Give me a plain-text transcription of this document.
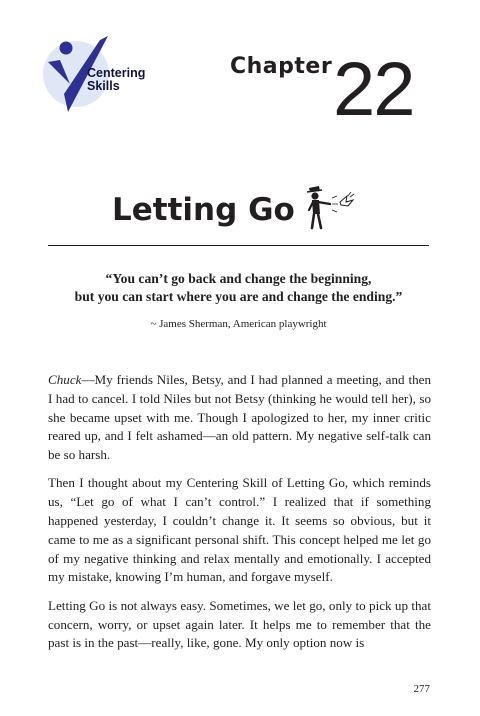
Centering
Skills
Chapter 22
Letting Go
“You can’t go back and change the beginning,
but you can start where you are and change the ending.”
~ James Sherman, American playwright

Chuck—My friends Niles, Betsy, and I had planned a meeting, and then I had to cancel. I told Niles but not Betsy (thinking he would tell her), so she became upset with me. Though I apologized to her, my inner critic reared up, and I felt ashamed—an old pattern. My negative self-talk can be so harsh.

Then I thought about my Centering Skill of Letting Go, which reminds us, “Let go of what I can’t control.” I realized that if something happened yesterday, I couldn’t change it. It seems so obvious, but it came to me as a significant personal shift. This concept helped me let go of my negative thinking and relax mentally and emotionally. I accepted my mistake, knowing I’m human, and forgave myself.

Letting Go is not always easy. Sometimes, we let go, only to pick up that concern, worry, or upset again later. It helps me to remember that the past is in the past—really, like, gone. My only option now is

277
